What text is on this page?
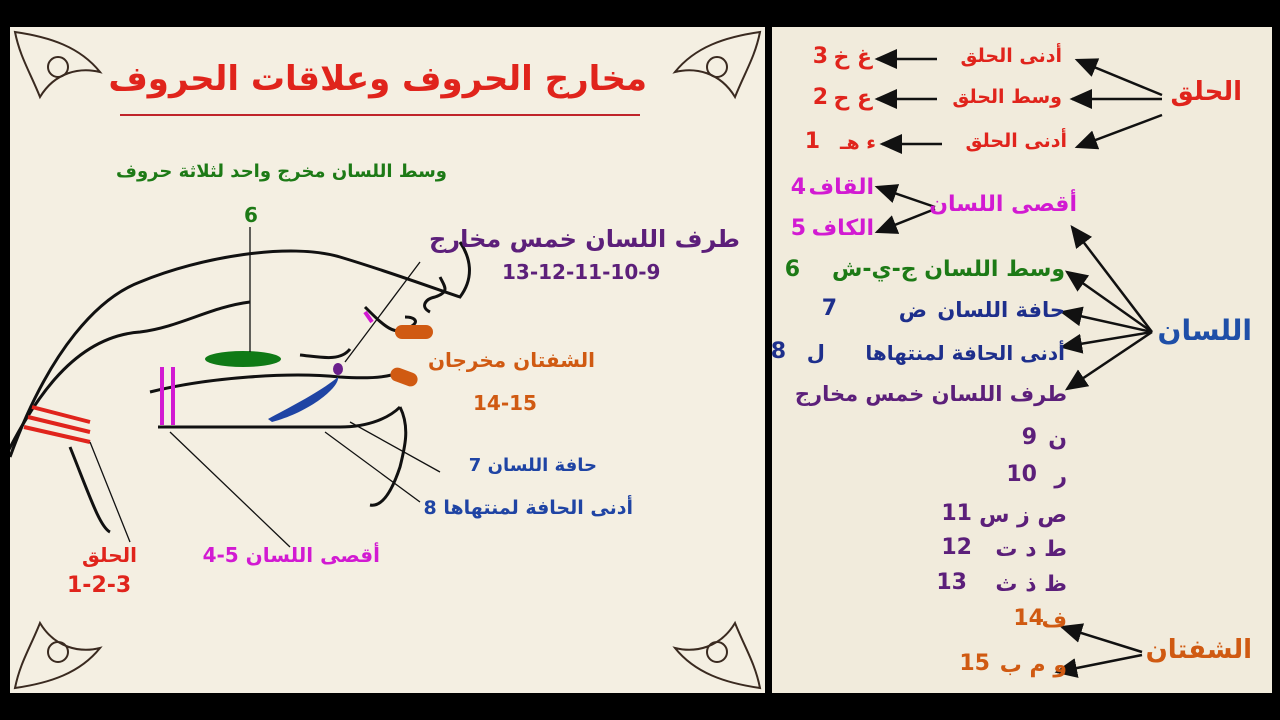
مخارج الحروف وعلاقات الحروف
وسط اللسان مخرج واحد لثلاثة حروف
6
طرف اللسان خمس مخارج
13-12-11-10-9
الشفتان مخرجان
14-15
حافة اللسان 7
أدنى الحافة لمنتهاها 8
أقصى اللسان 5-4
الحلق
1-2-3
الحلق
أدنى الحلق
غ خ
3
وسط الحلق
ع ح
2
أدنى الحلق
ء هـ
1
أقصى اللسان
القاف
4
الكاف
5
اللسان
وسط اللسان ج-ي-ش
6
حافة اللسان
ض
7
أدنى الحافة لمنتهاها
ل
8
طرف اللسان خمس مخارج
ن
9
ر
10
ص ز س
11
ط د ت
12
ظ ذ ث
13
الشفتان
ف
14
و م ب
15
